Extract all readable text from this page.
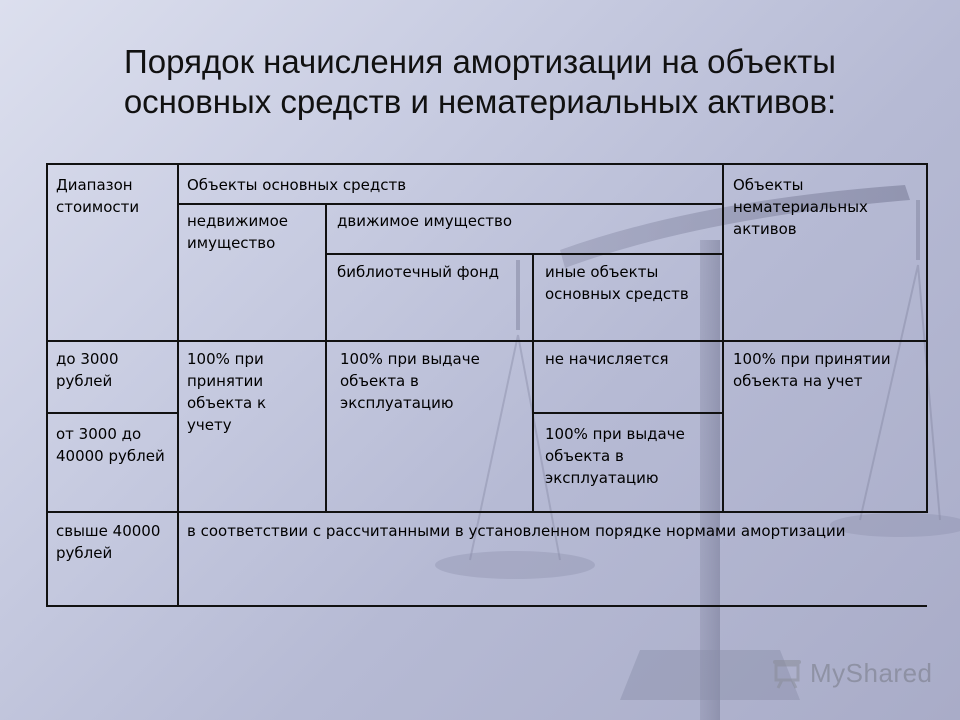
Порядок начисления амортизации на объекты
основных средств и нематериальных активов:
Диапазон стоимости
Объекты основных средств	Объекты нематериальных активов
недвижимое имущество
движимое имущество
библиотечный фонд	иные объекты основных средств
до 3000 рублей
от 3000 до 40000 рублей
свыше 40000 рублей
100% при принятии объекта к учету
100% при выдаче объекта в эксплуатацию
не начисляется
100% при выдаче объекта в эксплуатацию
100% при принятии объекта на учет
в соответствии с рассчитанными в установленном порядке нормами амортизации
MyShared
